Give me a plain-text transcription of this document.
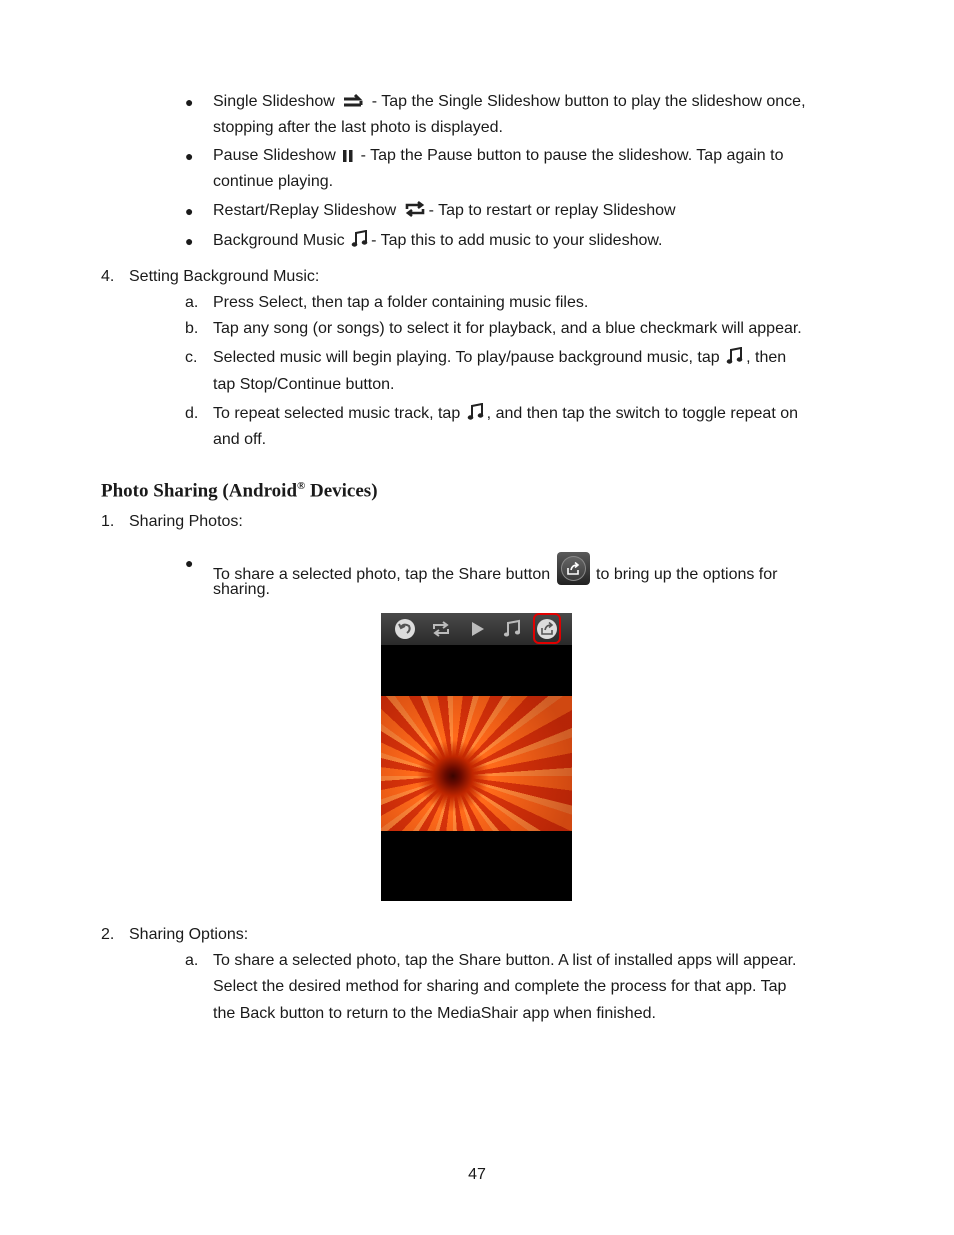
● Single Slideshow  - Tap the Single Slideshow button to play the slideshow once,
stopping after the last photo is displayed.
● Pause Slideshow  - Tap the Pause button to pause the slideshow. Tap again to
continue playing.
● Restart/Replay Slideshow - Tap to restart or replay Slideshow
● Background Music - Tap this to add music to your slideshow.
4. Setting Background Music:
a. Press Select, then tap a folder containing music files.
b. Tap any song (or songs) to select it for playback, and a blue checkmark will appear.
c. Selected music will begin playing. To play/pause background music, tap , then
tap Stop/Continue button.
d. To repeat selected music track, tap , and then tap the switch to toggle repeat on
and off.
Photo Sharing (Android® Devices)
1. Sharing Photos:
●
To share a selected photo, tap the Share button
to bring up the options for
sharing.
2. Sharing Options:
a. To share a selected photo, tap the Share button. A list of installed apps will appear.
Select the desired method for sharing and complete the process for that app. Tap
the Back button to return to the MediaShair app when finished.
47
